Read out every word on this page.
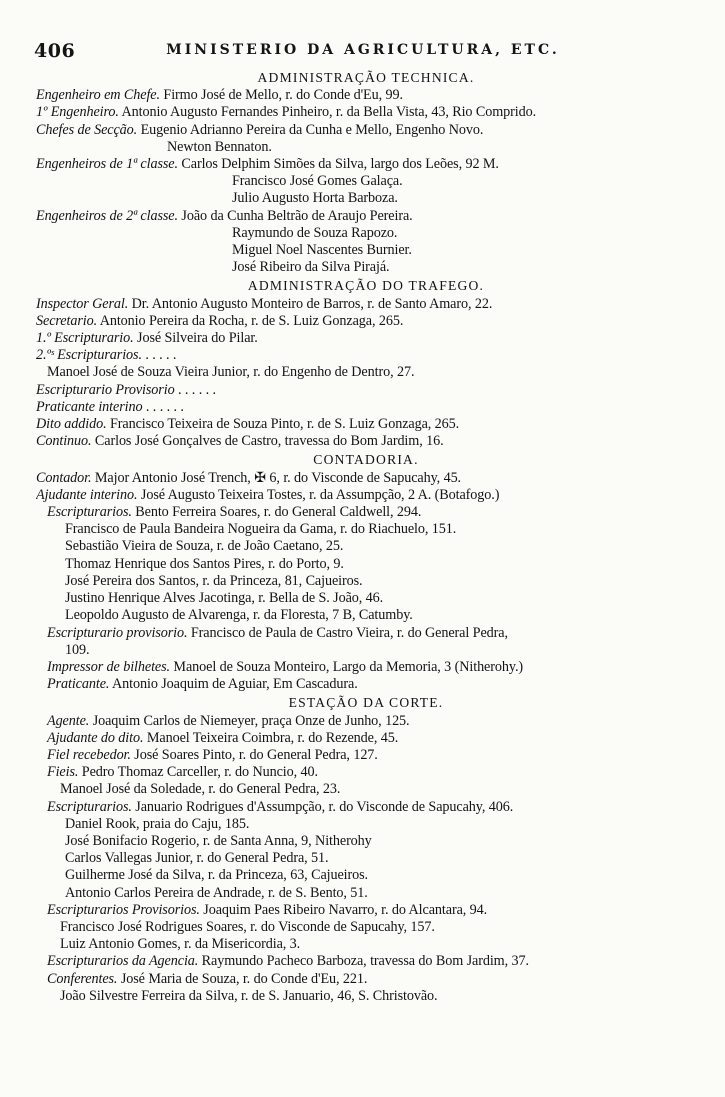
406	MINISTERIO DA AGRICULTURA, ETC.
ADMINISTRAÇÃO TECHNICA.
Engenheiro em Chefe. Firmo José de Mello, r. do Conde d'Eu, 99.
1º Engenheiro. Antonio Augusto Fernandes Pinheiro, r. da Bella Vista, 43, Rio Comprido.
Chefes de Secção. Eugenio Adrianno Pereira da Cunha e Mello, Engenho Novo.
Newton Bennaton.
Engenheiros de 1ª classe. Carlos Delphim Simões da Silva, largo dos Leões, 92 M.
Francisco José Gomes Galaça.
Julio Augusto Horta Barboza.
Engenheiros de 2ª classe. João da Cunha Beltrão de Araujo Pereira.
Raymundo de Souza Rapozo.
Miguel Noel Nascentes Burnier.
José Ribeiro da Silva Pirajá.
ADMINISTRAÇÃO DO TRAFEGO.
Inspector Geral. Dr. Antonio Augusto Monteiro de Barros, r. de Santo Amaro, 22.
Secretario. Antonio Pereira da Rocha, r. de S. Luiz Gonzaga, 265.
1.º Escripturario. José Silveira do Pilar.
2.ºˢ Escripturarios. . . . . .
Manoel José de Souza Vieira Junior, r. do Engenho de Dentro, 27.
Escripturario Provisorio . . . . . .
Praticante interino . . . . . .
Dito addido. Francisco Teixeira de Souza Pinto, r. de S. Luiz Gonzaga, 265.
Continuo. Carlos José Gonçalves de Castro, travessa do Bom Jardim, 16.
CONTADORIA.
Contador. Major Antonio José Trench, ✠ 6, r. do Visconde de Sapucahy, 45.
Ajudante interino. José Augusto Teixeira Tostes, r. da Assumpção, 2 A. (Botafogo.)
Escripturarios. Bento Ferreira Soares, r. do General Caldwell, 294.
Francisco de Paula Bandeira Nogueira da Gama, r. do Riachuelo, 151.
Sebastião Vieira de Souza, r. de João Caetano, 25.
Thomaz Henrique dos Santos Pires, r. do Porto, 9.
José Pereira dos Santos, r. da Princeza, 81, Cajueiros.
Justino Henrique Alves Jacotinga, r. Bella de S. João, 46.
Leopoldo Augusto de Alvarenga, r. da Floresta, 7 B, Catumby.
Escripturario provisorio. Francisco de Paula de Castro Vieira, r. do General Pedra,
109.
Impressor de bilhetes. Manoel de Souza Monteiro, Largo da Memoria, 3 (Nitherohy.)
Praticante. Antonio Joaquim de Aguiar, Em Cascadura.
ESTAÇÃO DA CORTE.
Agente. Joaquim Carlos de Niemeyer, praça Onze de Junho, 125.
Ajudante do dito. Manoel Teixeira Coimbra, r. do Rezende, 45.
Fiel recebedor. José Soares Pinto, r. do General Pedra, 127.
Fieis. Pedro Thomaz Carceller, r. do Nuncio, 40.
Manoel José da Soledade, r. do General Pedra, 23.
Escripturarios. Januario Rodrigues d'Assumpção, r. do Visconde de Sapucahy, 406.
Daniel Rook, praia do Caju, 185.
José Bonifacio Rogerio, r. de Santa Anna, 9, Nitherohy
Carlos Vallegas Junior, r. do General Pedra, 51.
Guilherme José da Silva, r. da Princeza, 63, Cajueiros.
Antonio Carlos Pereira de Andrade, r. de S. Bento, 51.
Escripturarios Provisorios. Joaquim Paes Ribeiro Navarro, r. do Alcantara, 94.
Francisco José Rodrigues Soares, r. do Visconde de Sapucahy, 157.
Luiz Antonio Gomes, r. da Misericordia, 3.
Escripturarios da Agencia. Raymundo Pacheco Barboza, travessa do Bom Jardim, 37.
Conferentes. José Maria de Souza, r. do Conde d'Eu, 221.
João Silvestre Ferreira da Silva, r. de S. Januario, 46, S. Christovão.
